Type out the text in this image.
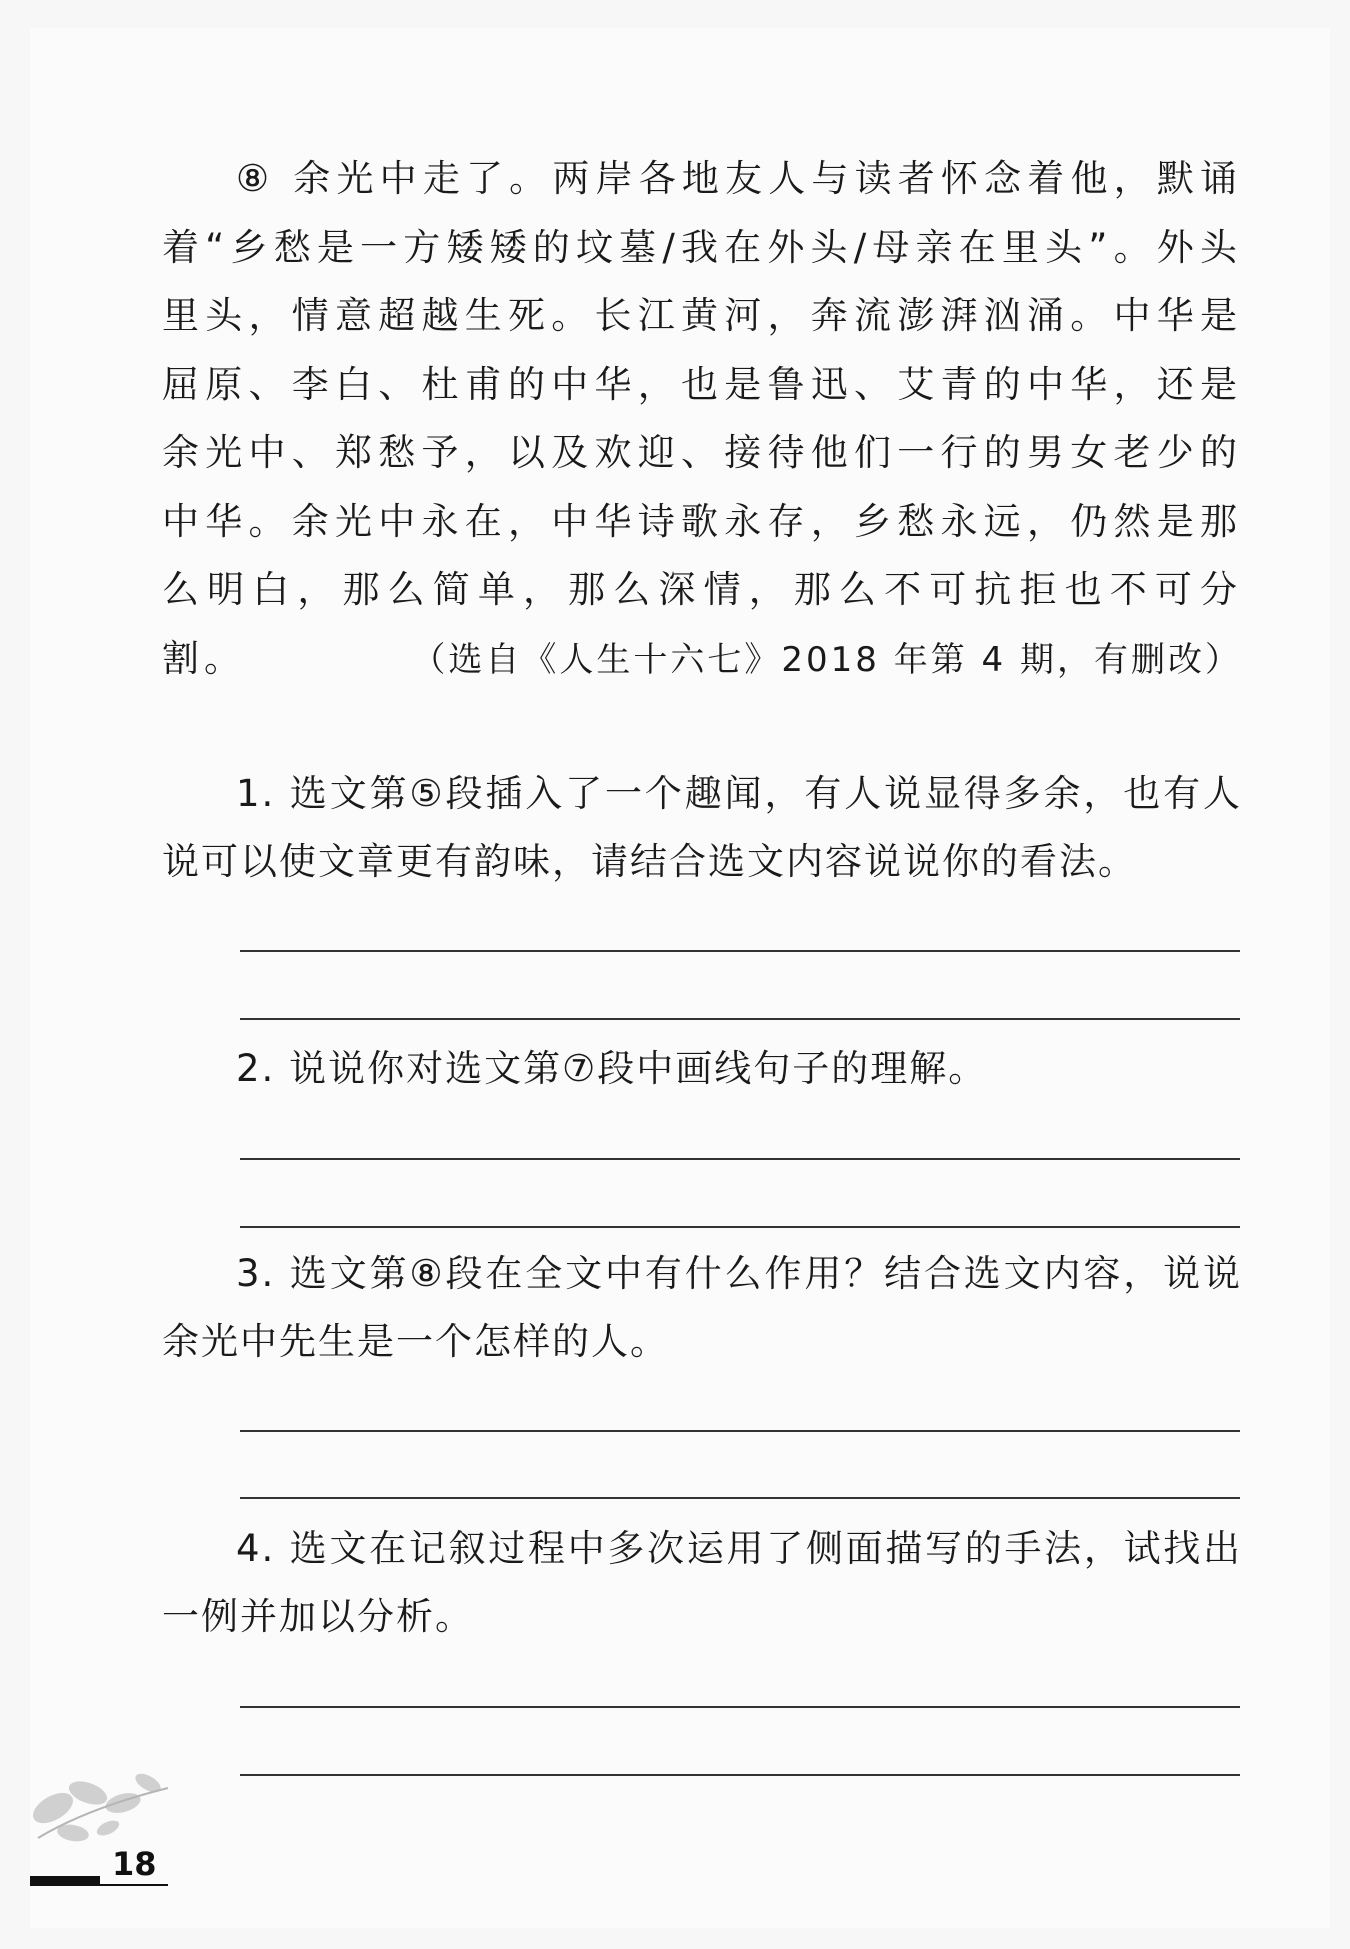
⑧ 余光中走了。两岸各地友人与读者怀念着他，默诵着“乡愁是一方矮矮的坟墓/我在外头/母亲在里头”。外头里头，情意超越生死。长江黄河，奔流澎湃汹涌。中华是屈原、李白、杜甫的中华，也是鲁迅、艾青的中华，还是余光中、郑愁予，以及欢迎、接待他们一行的男女老少的中华。余光中永在，中华诗歌永存，乡愁永远，仍然是那么明白，那么简单，那么深情，那么不可抗拒也不可分割。	（选自《人生十六七》2018 年第 4 期，有删改）
1. 选文第⑤段插入了一个趣闻，有人说显得多余，也有人说可以使文章更有韵味，请结合选文内容说说你的看法。
2. 说说你对选文第⑦段中画线句子的理解。
3. 选文第⑧段在全文中有什么作用？结合选文内容，说说余光中先生是一个怎样的人。
4. 选文在记叙过程中多次运用了侧面描写的手法，试找出一例并加以分析。
18
